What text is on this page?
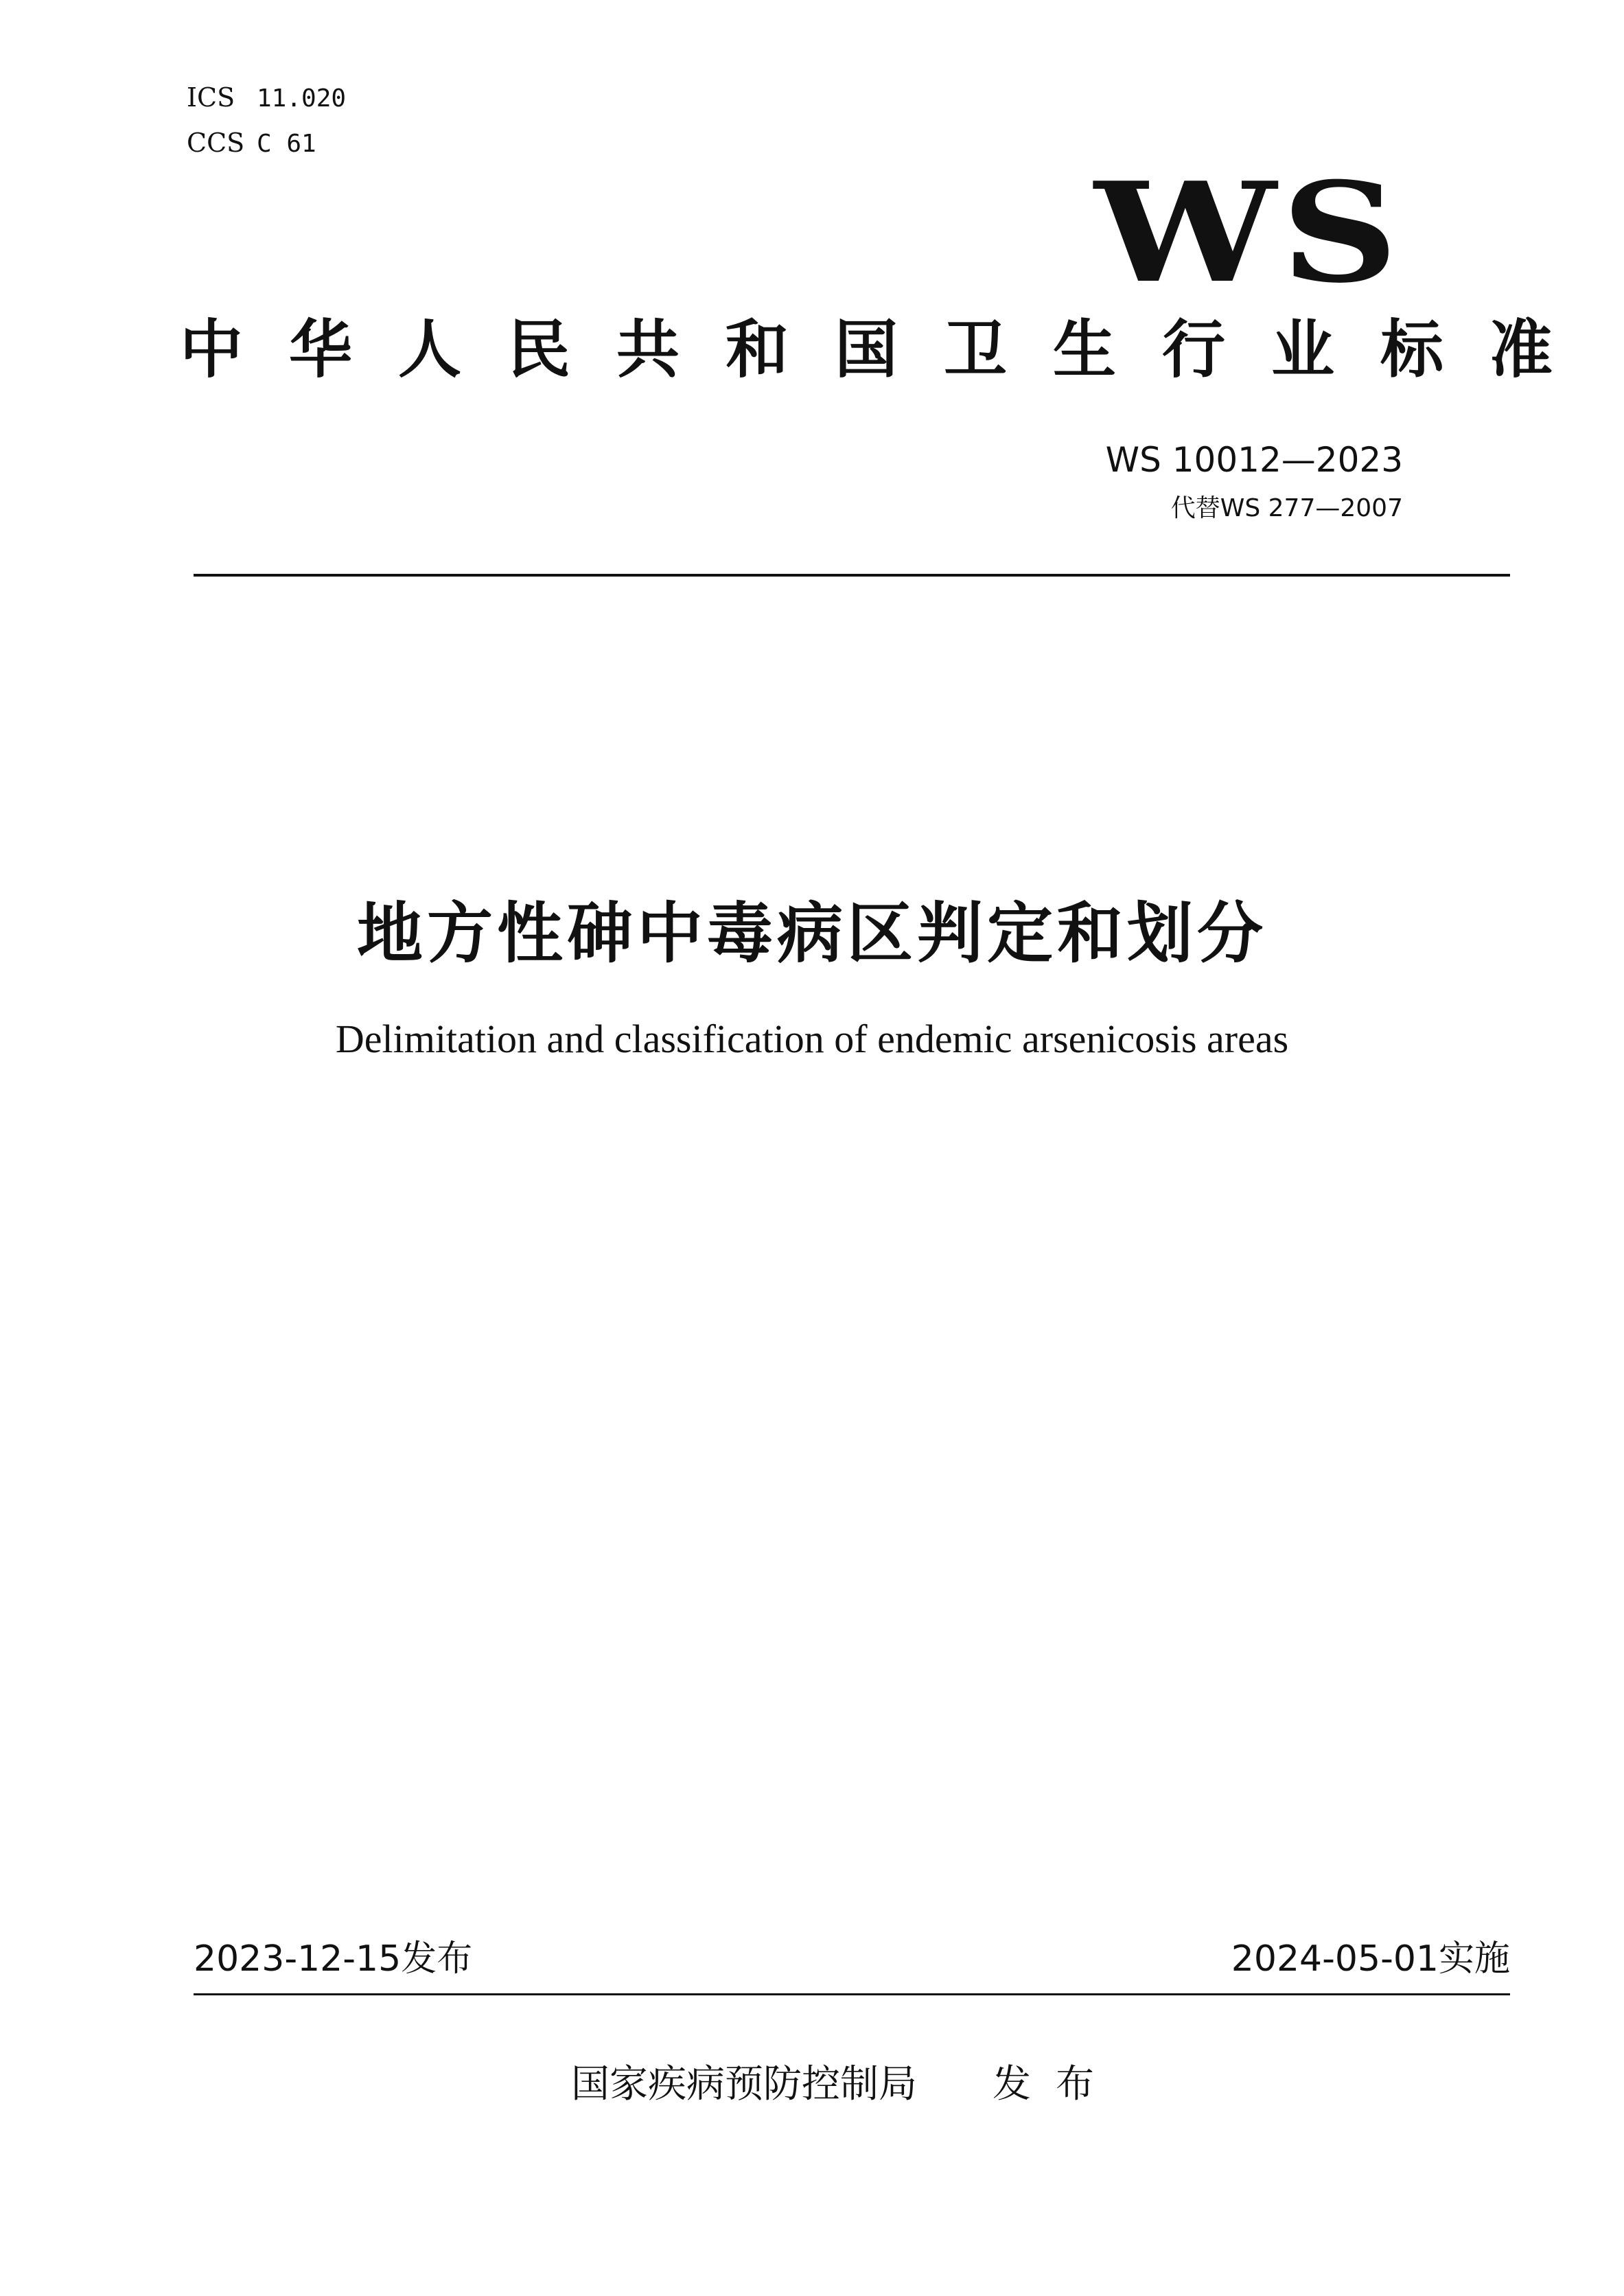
ICS 11.020
CCS C 61
WS
中华人民共和国卫生行业标准
WS 10012—2023
代替WS 277—2007
地方性砷中毒病区判定和划分
Delimitation and classification of endemic arsenicosis areas
2023-12-15发布	2024-05-01实施
国家疾病预防控制局 发布
